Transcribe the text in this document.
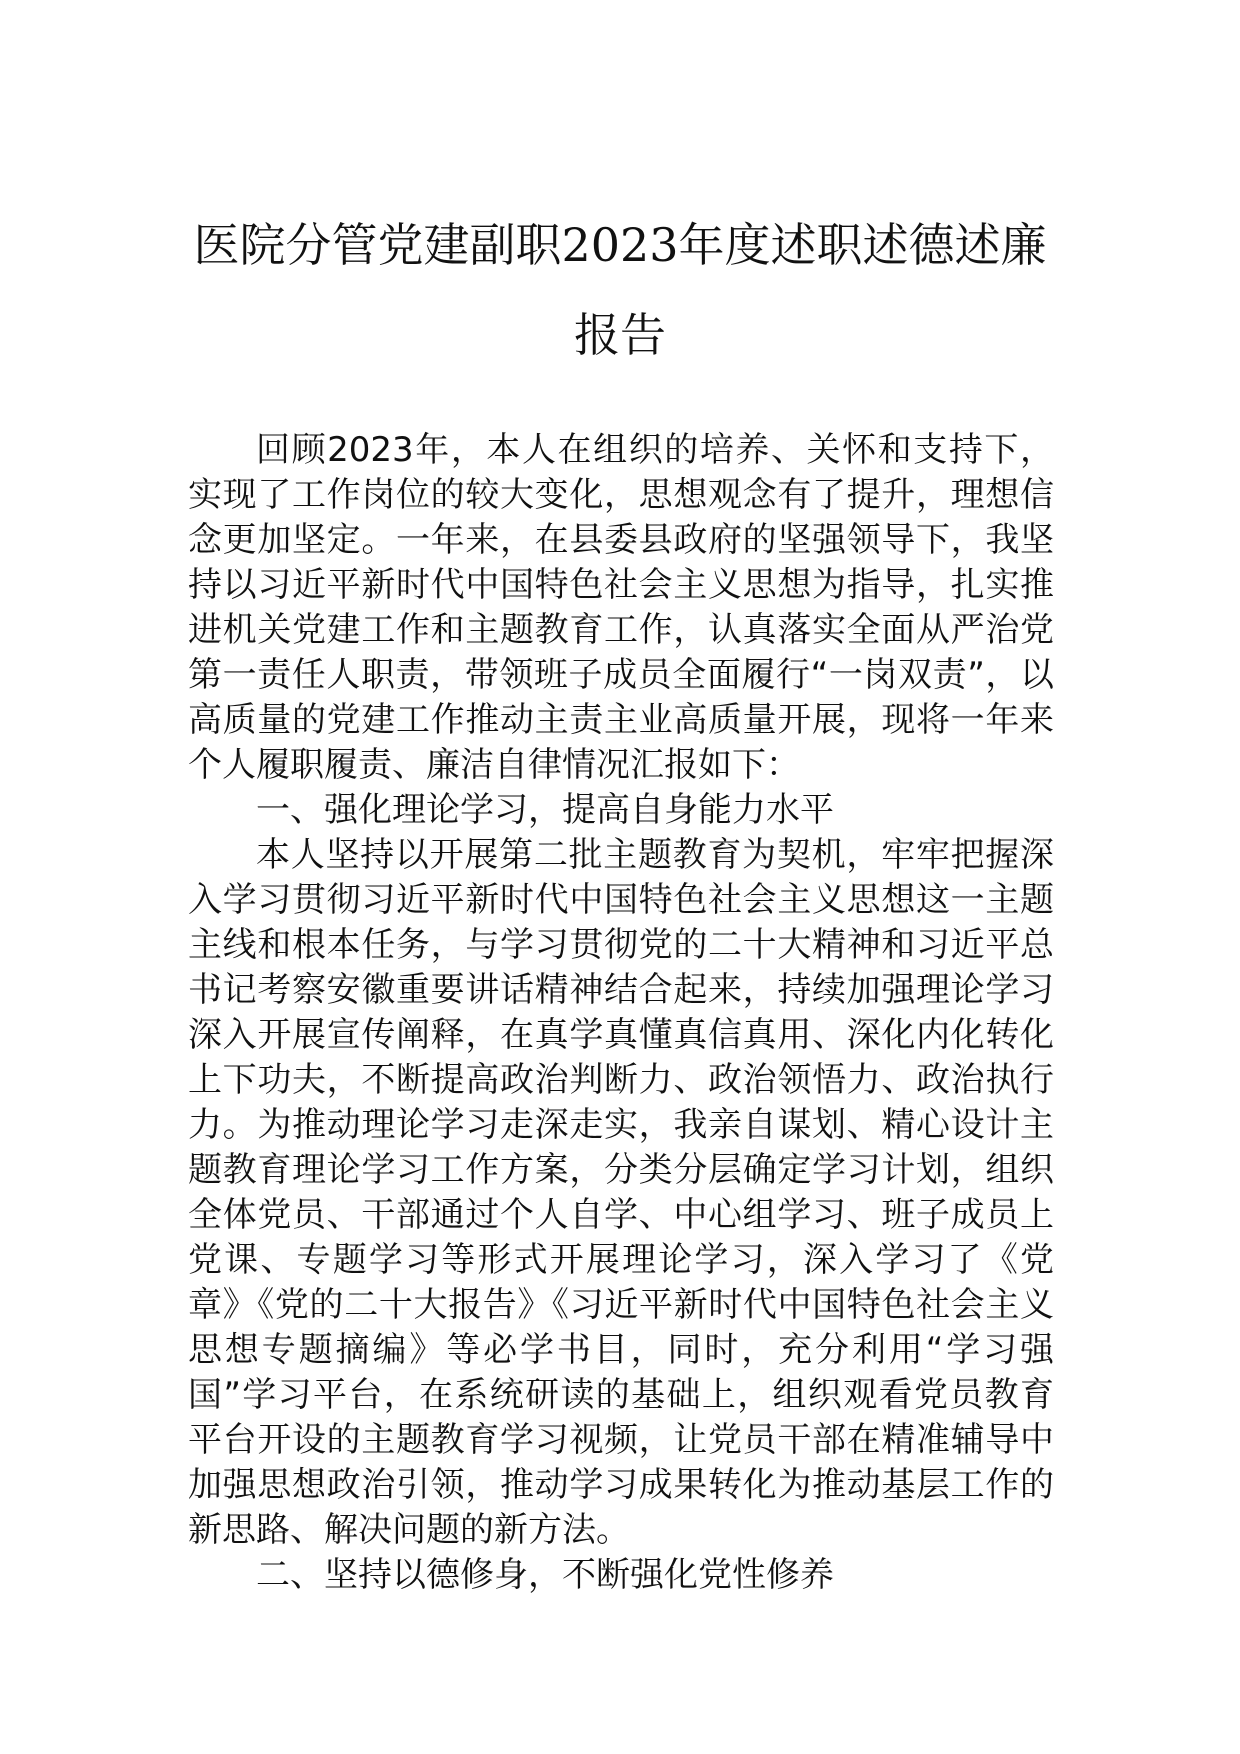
医院分管党建副职2023年度述职述德述廉
报告

回顾2023年，本人在组织的培养、关怀和支持下，实现了工作岗位的较大变化，思想观念有了提升，理想信念更加坚定。一年来，在县委县政府的坚强领导下，我坚持以习近平新时代中国特色社会主义思想为指导，扎实推进机关党建工作和主题教育工作，认真落实全面从严治党第一责任人职责，带领班子成员全面履行“一岗双责”，以高质量的党建工作推动主责主业高质量开展，现将一年来个人履职履责、廉洁自律情况汇报如下：

一、强化理论学习，提高自身能力水平

本人坚持以开展第二批主题教育为契机，牢牢把握深入学习贯彻习近平新时代中国特色社会主义思想这一主题主线和根本任务，与学习贯彻党的二十大精神和习近平总书记考察安徽重要讲话精神结合起来，持续加强理论学习深入开展宣传阐释，在真学真懂真信真用、深化内化转化上下功夫，不断提高政治判断力、政治领悟力、政治执行力。为推动理论学习走深走实，我亲自谋划、精心设计主题教育理论学习工作方案，分类分层确定学习计划，组织全体党员、干部通过个人自学、中心组学习、班子成员上党课、专题学习等形式开展理论学习，深入学习了《党章》《党的二十大报告》《习近平新时代中国特色社会主义思想专题摘编》等必学书目，同时，充分利用“学习强国”学习平台，在系统研读的基础上，组织观看党员教育平台开设的主题教育学习视频，让党员干部在精准辅导中加强思想政治引领，推动学习成果转化为推动基层工作的新思路、解决问题的新方法。

二、坚持以德修身，不断强化党性修养
